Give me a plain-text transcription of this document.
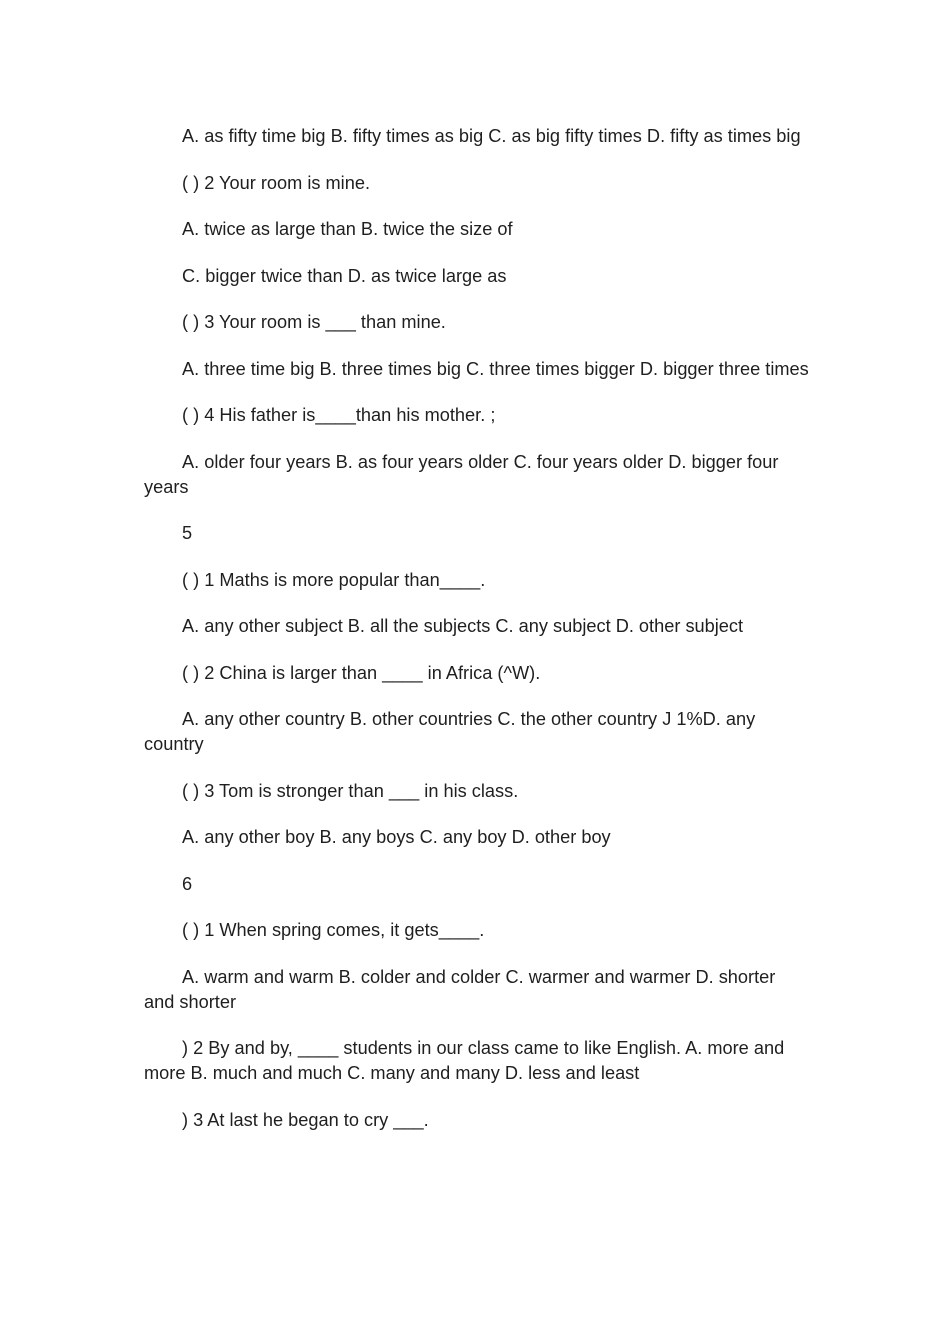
A. as fifty time big B. fifty times as big C. as big fifty times D. fifty as times big

( ) 2 Your room is mine.

A. twice as large than B. twice the size of

C. bigger twice than D. as twice large as

( ) 3 Your room is ___ than mine.

A. three time big B. three times big C. three times bigger D. bigger three times

( ) 4 His father is____than his mother. ;

A. older four years B. as four years older C. four years older D. bigger four years

5

( ) 1 Maths is more popular than____.

A. any other subject B. all the subjects C. any subject D. other subject

( ) 2 China is larger than ____ in Africa (^W).

A. any other country B. other countries C. the other country J 1%D. any country

( ) 3 Tom is stronger than ___ in his class.

A. any other boy B. any boys C. any boy D. other boy

6

( ) 1 When spring comes, it gets____.

A. warm and warm B. colder and colder C. warmer and warmer D. shorter and shorter

) 2 By and by, ____ students in our class came to like English. A. more and more B. much and much C. many and many D. less and least

) 3 At last he began to cry ___.
